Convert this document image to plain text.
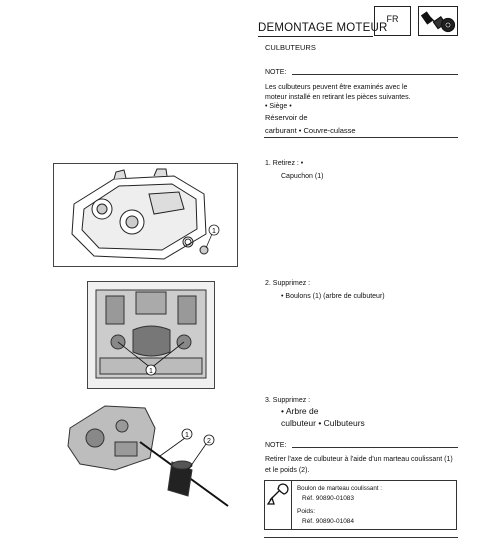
DEMONTAGE MOTEUR
FR
CULBUTEURS
NOTE:
Les culbuteurs peuvent être examinés avec le
moteur installé en retirant les pièces suivantes.
• Siège •
Réservoir de
carburant • Couvre-culasse
1
1. Retirez : •
Capuchon (1)
1
2. Supprimez :
• Boulons (1) (arbre de culbuteur)
1
2
3. Supprimez :
• Arbre de
culbuteur • Culbuteurs
NOTE:
Retirer l'axe de culbuteur à l'aide d'un marteau coulissant (1)
et le poids (2).
Boulon de marteau coulissant :
Réf. 90890-01083
Poids:
Réf. 90890-01084
